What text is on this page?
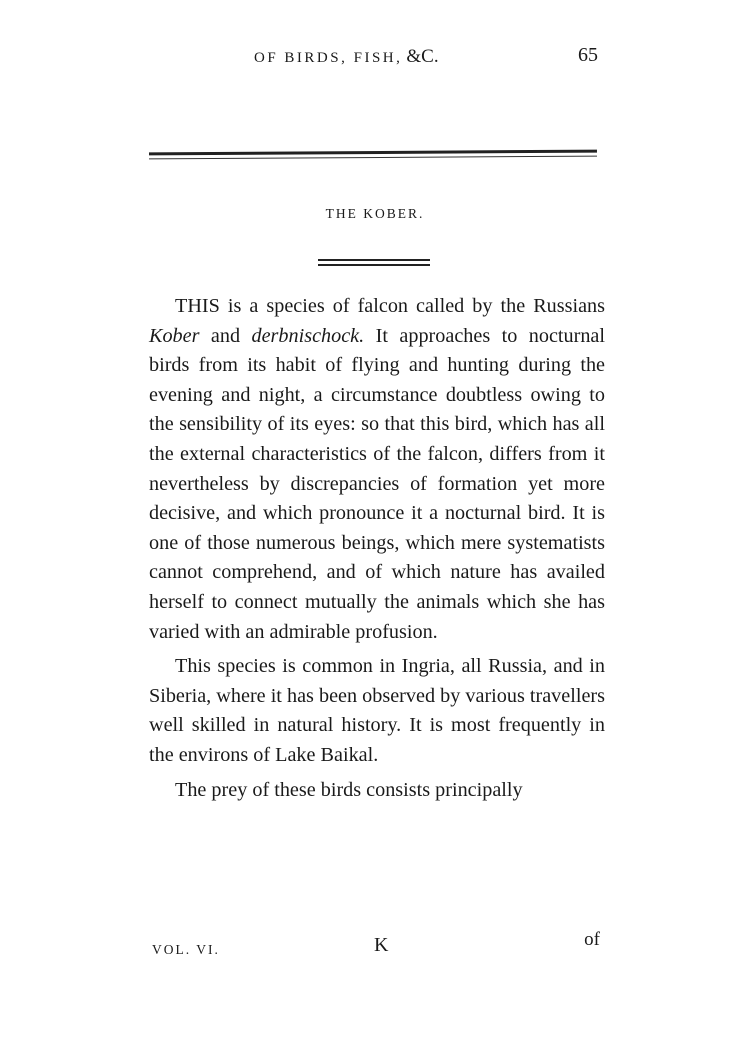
OF BIRDS, FISH, &C.	65
THE KOBER.

THIS is a species of falcon called by the Russians Kober and derbnischock. It approaches to nocturnal birds from its habit of flying and hunting during the evening and night, a circumstance doubtless owing to the sensibility of its eyes: so that this bird, which has all the external characteristics of the falcon, differs from it nevertheless by discrepancies of formation yet more decisive, and which pronounce it a nocturnal bird. It is one of those numerous beings, which mere systematists cannot comprehend, and of which nature has availed herself to connect mutually the animals which she has varied with an admirable profusion.

This species is common in Ingria, all Russia, and in Siberia, where it has been observed by various travellers well skilled in natural history. It is most frequently in the environs of Lake Baikal.

The prey of these birds consists principally

VOL. VI.	K	of
